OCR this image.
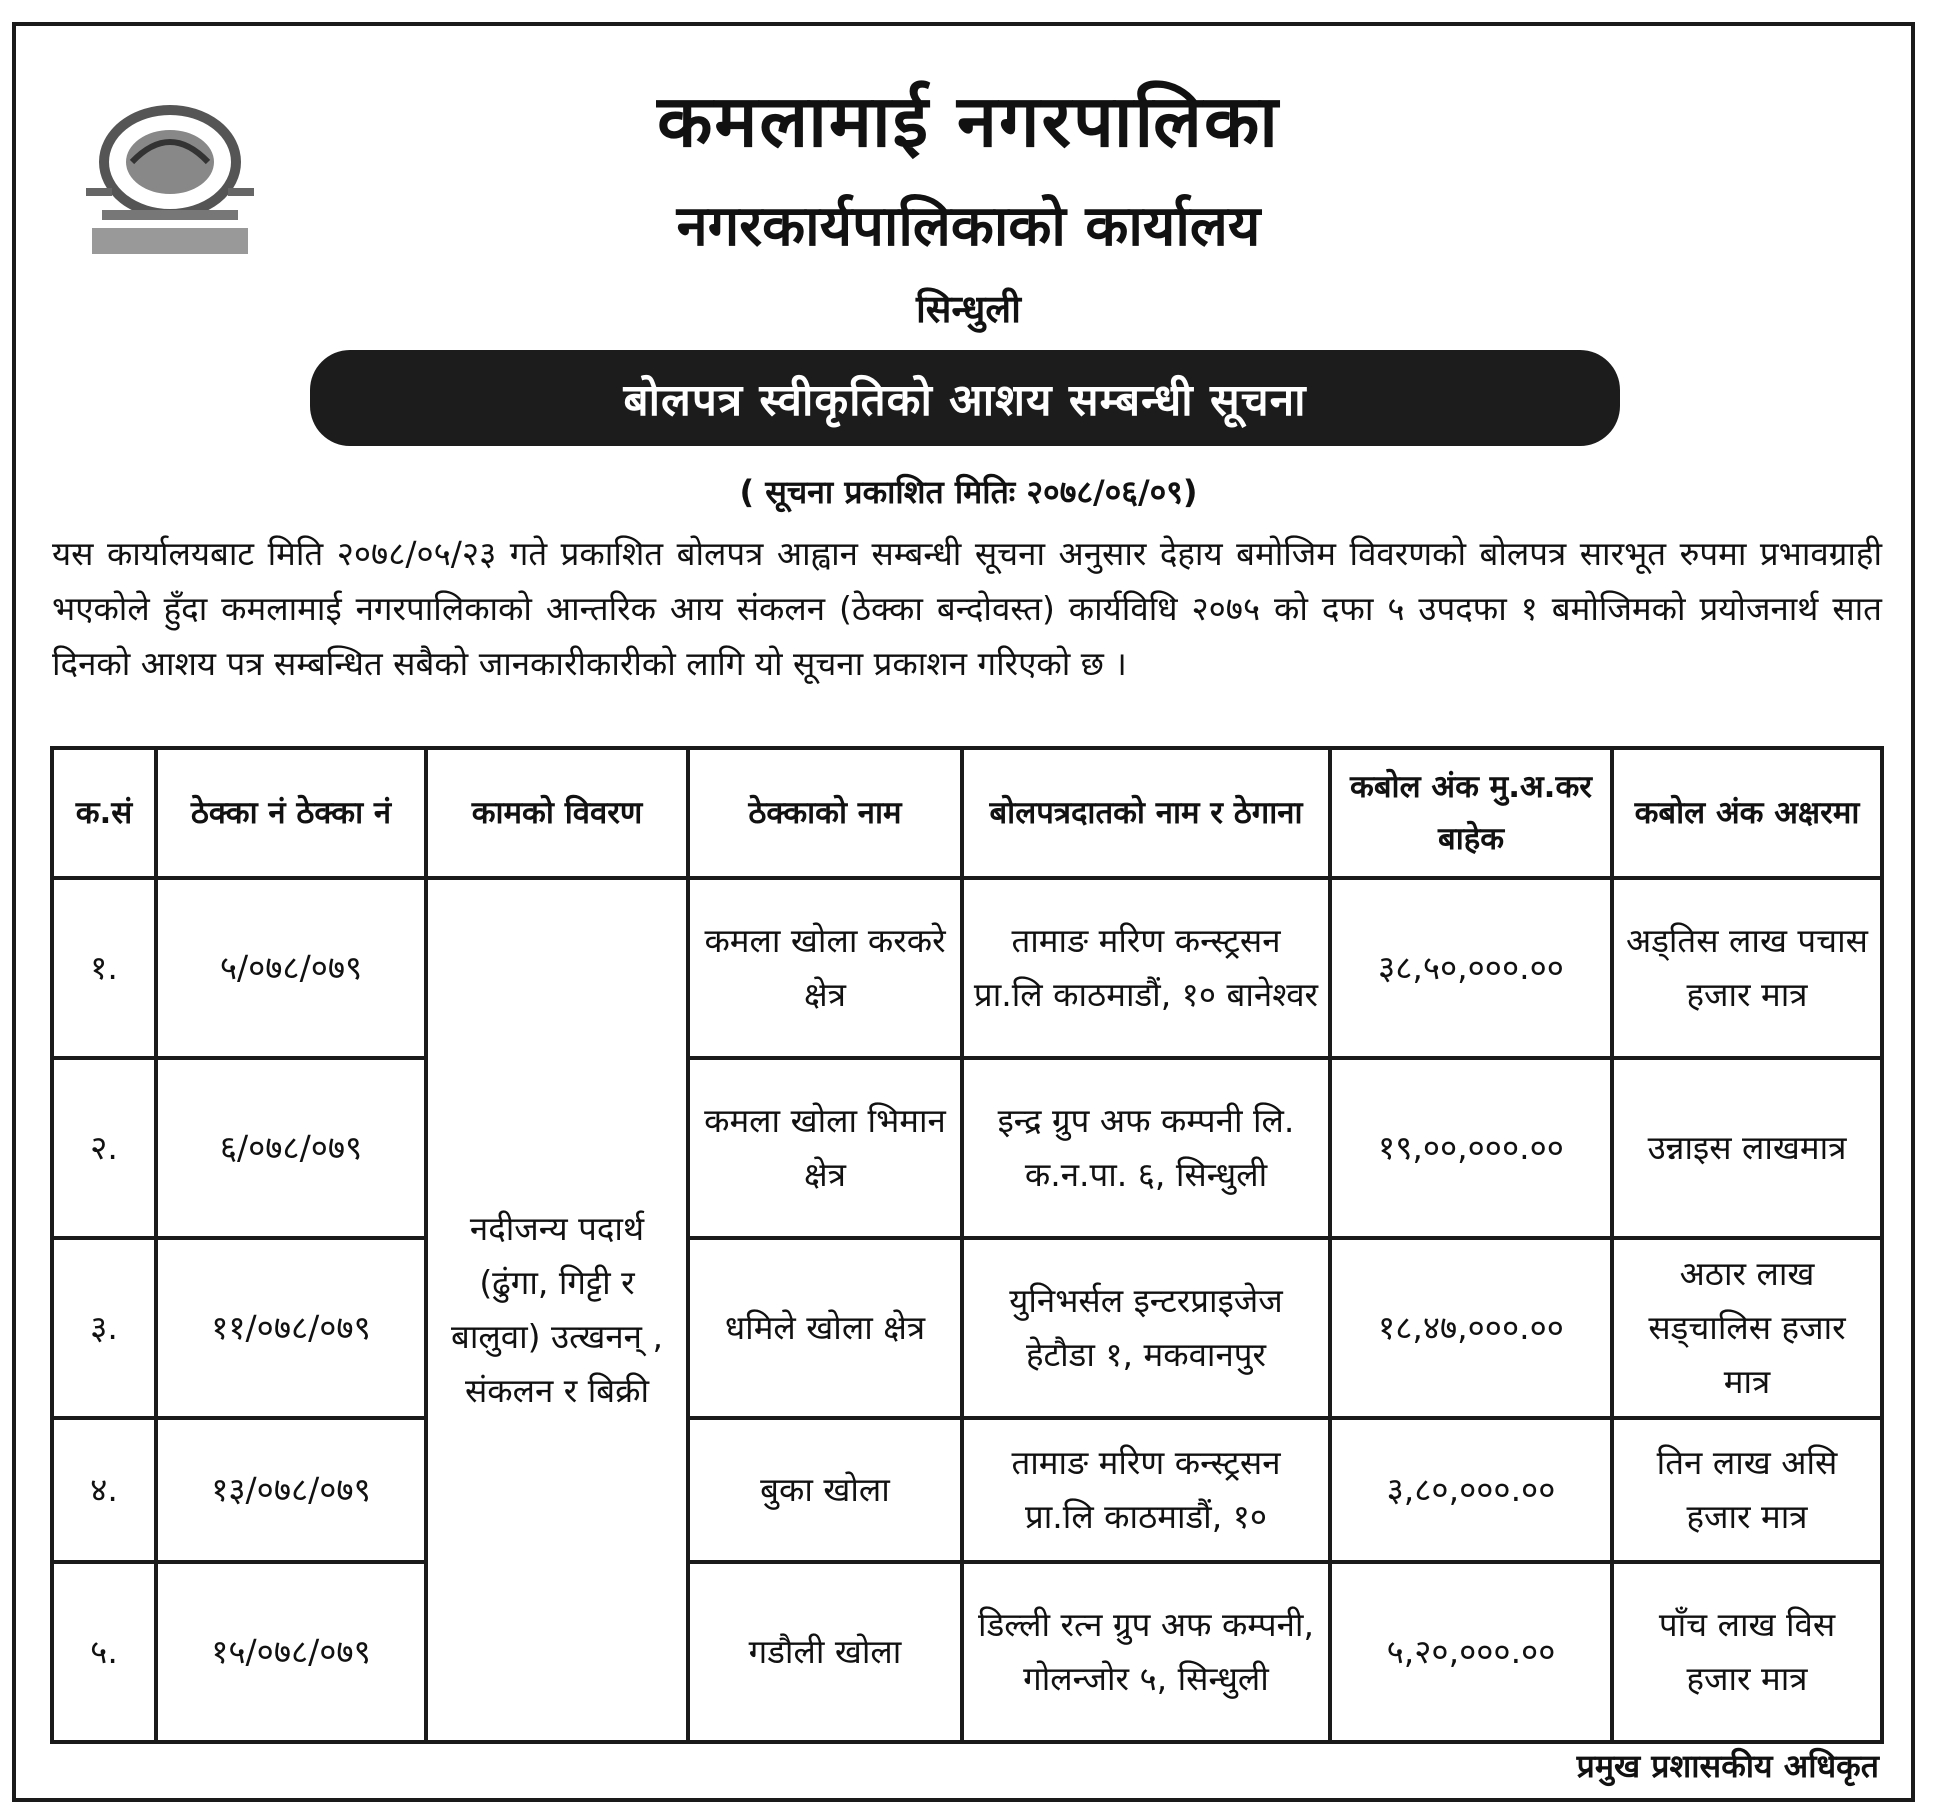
कमलामाई नगरपालिका
नगरकार्यपालिकाको कार्यालय
सिन्धुली
बोलपत्र स्वीकृतिको आशय सम्बन्धी सूचना
( सूचना प्रकाशित मितिः २०७८/०६/०९)
यस कार्यालयबाट मिति २०७८/०५/२३ गते प्रकाशित बोलपत्र आह्वान सम्बन्धी सूचना अनुसार देहाय बमोजिम विवरणको बोलपत्र सारभूत रुपमा प्रभावग्राही भएकोले हुँदा कमलामाई नगरपालिकाको आन्तरिक आय संकलन (ठेक्का बन्दोवस्त) कार्यविधि २०७५ को दफा ५ उपदफा १ बमोजिमको प्रयोजनार्थ सात दिनको आशय पत्र सम्बन्धित सबैको जानकारीकारीको लागि यो सूचना प्रकाशन गरिएको छ ।
क.सं	ठेक्का नं ठेक्का नं	कामको विवरण	ठेक्काको नाम	बोलपत्रदातको नाम र ठेगाना	कबोल अंक मु.अ.कर बाहेक	कबोल अंक अक्षरमा
१.	५/०७८/०७९	नदीजन्य पदार्थ (ढुंगा, गिट्टी र बालुवा) उत्खनन् , संकलन र बिक्री	कमला खोला करकरे क्षेत्र	तामाङ मरिण कन्स्ट्रसन प्रा.लि काठमाडौं, १० बानेश्वर	३८,५०,०००.००	अड्तिस लाख पचास हजार मात्र
२.	६/०७८/०७९		कमला खोला भिमान क्षेत्र	इन्द्र ग्रुप अफ कम्पनी लि. क.न.पा. ६, सिन्धुली	१९,००,०००.००	उन्नाइस लाखमात्र
३.	११/०७८/०७९		धमिले खोला क्षेत्र	युनिभर्सल इन्टरप्राइजेज हेटौडा १, मकवानपुर	१८,४७,०००.००	अठार लाख सड्चालिस हजार मात्र
४.	१३/०७८/०७९		बुका खोला	तामाङ मरिण कन्स्ट्रसन प्रा.लि काठमाडौं, १०	३,८०,०००.००	तिन लाख असि हजार मात्र
५.	१५/०७८/०७९		गडौली खोला	डिल्ली रत्न ग्रुप अफ कम्पनी, गोलन्जोर ५, सिन्धुली	५,२०,०००.००	पाँच लाख विस हजार मात्र
प्रमुख प्रशासकीय अधिकृत
